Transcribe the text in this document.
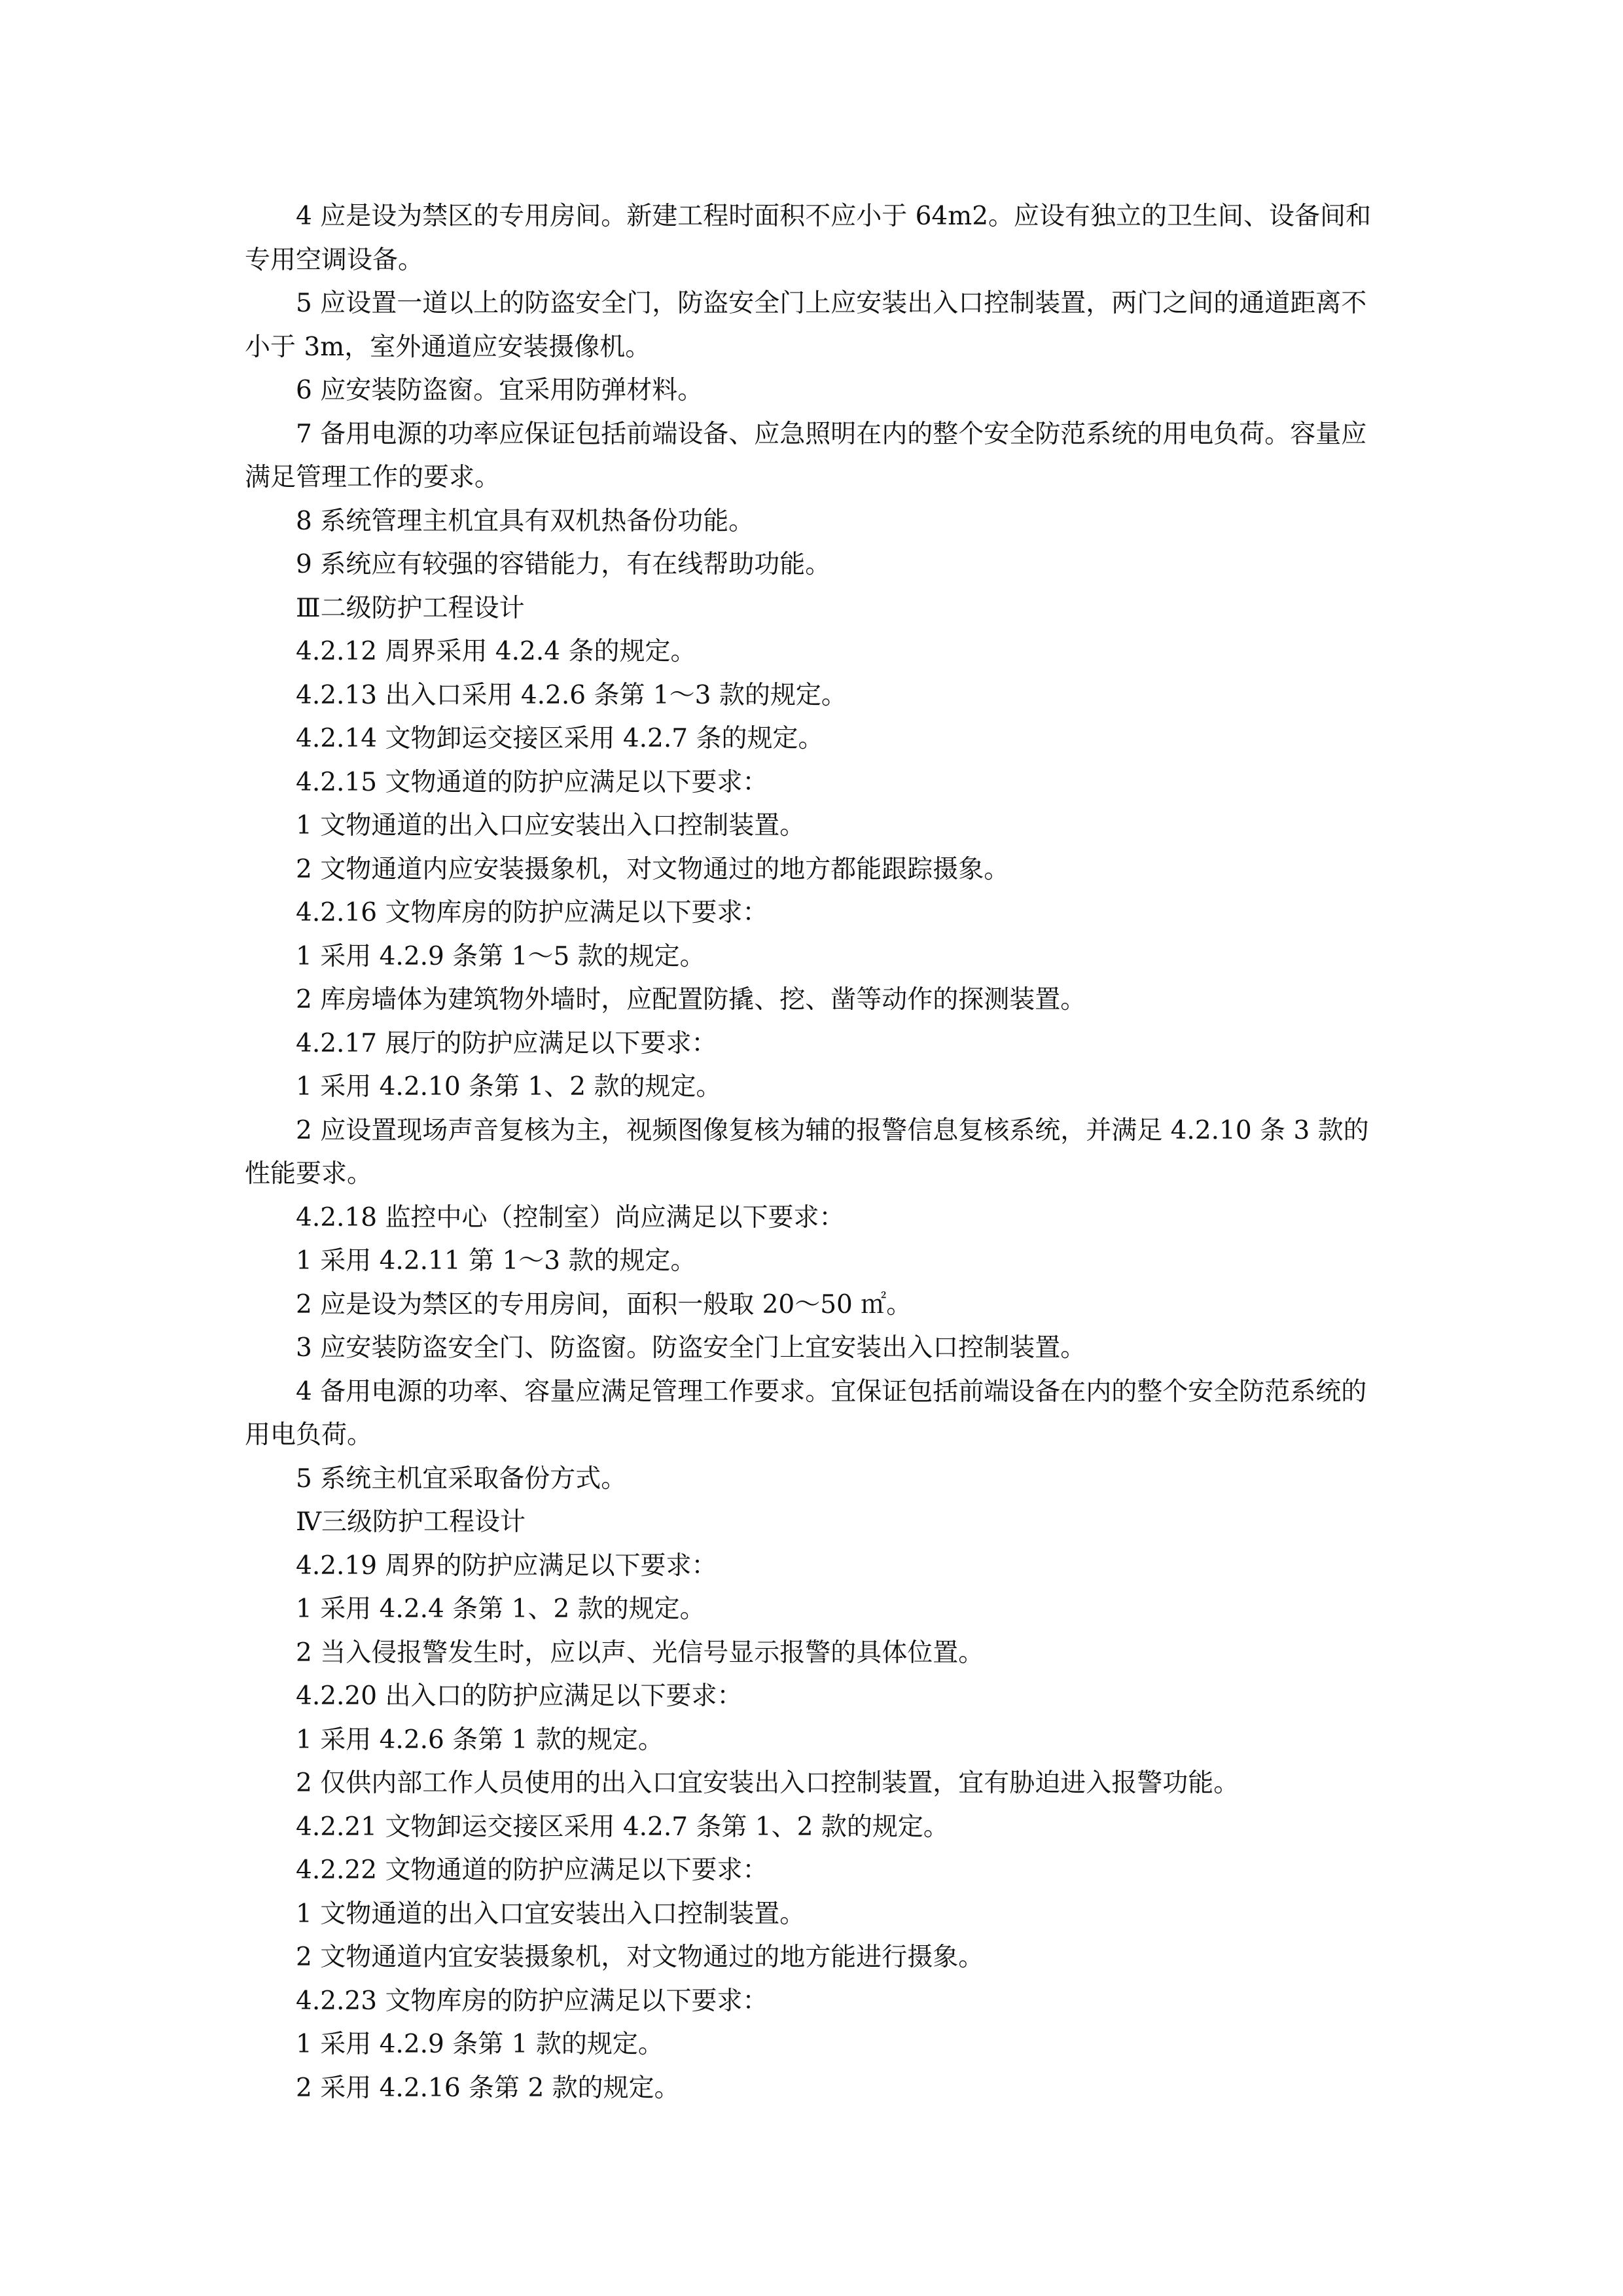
4 应是设为禁区的专用房间。新建工程时面积不应小于 64m2。应设有独立的卫生间、设备间和专用空调设备。

5 应设置一道以上的防盗安全门，防盗安全门上应安装出入口控制装置，两门之间的通道距离不小于 3m，室外通道应安装摄像机。

6 应安装防盗窗。宜采用防弹材料。

7 备用电源的功率应保证包括前端设备、应急照明在内的整个安全防范系统的用电负荷。容量应满足管理工作的要求。

8 系统管理主机宜具有双机热备份功能。

9 系统应有较强的容错能力，有在线帮助功能。

Ⅲ二级防护工程设计

4.2.12 周界采用 4.2.4 条的规定。

4.2.13 出入口采用 4.2.6 条第 1～3 款的规定。

4.2.14 文物卸运交接区采用 4.2.7 条的规定。

4.2.15 文物通道的防护应满足以下要求：

1 文物通道的出入口应安装出入口控制装置。

2 文物通道内应安装摄象机，对文物通过的地方都能跟踪摄象。

4.2.16 文物库房的防护应满足以下要求：

1 采用 4.2.9 条第 1～5 款的规定。

2 库房墙体为建筑物外墙时，应配置防撬、挖、凿等动作的探测装置。

4.2.17 展厅的防护应满足以下要求：

1 采用 4.2.10 条第 1、2 款的规定。

2 应设置现场声音复核为主，视频图像复核为辅的报警信息复核系统，并满足 4.2.10 条 3 款的性能要求。

4.2.18 监控中心（控制室）尚应满足以下要求：

1 采用 4.2.11 第 1～3 款的规定。

2 应是设为禁区的专用房间，面积一般取 20～50 ㎡。

3 应安装防盗安全门、防盗窗。防盗安全门上宜安装出入口控制装置。

4 备用电源的功率、容量应满足管理工作要求。宜保证包括前端设备在内的整个安全防范系统的用电负荷。

5 系统主机宜采取备份方式。

Ⅳ三级防护工程设计

4.2.19 周界的防护应满足以下要求：

1 采用 4.2.4 条第 1、2 款的规定。

2 当入侵报警发生时，应以声、光信号显示报警的具体位置。

4.2.20 出入口的防护应满足以下要求：

1 采用 4.2.6 条第 1 款的规定。

2 仅供内部工作人员使用的出入口宜安装出入口控制装置，宜有胁迫进入报警功能。

4.2.21 文物卸运交接区采用 4.2.7 条第 1、2 款的规定。

4.2.22 文物通道的防护应满足以下要求：

1 文物通道的出入口宜安装出入口控制装置。

2 文物通道内宜安装摄象机，对文物通过的地方能进行摄象。

4.2.23 文物库房的防护应满足以下要求：

1 采用 4.2.9 条第 1 款的规定。

2 采用 4.2.16 条第 2 款的规定。
